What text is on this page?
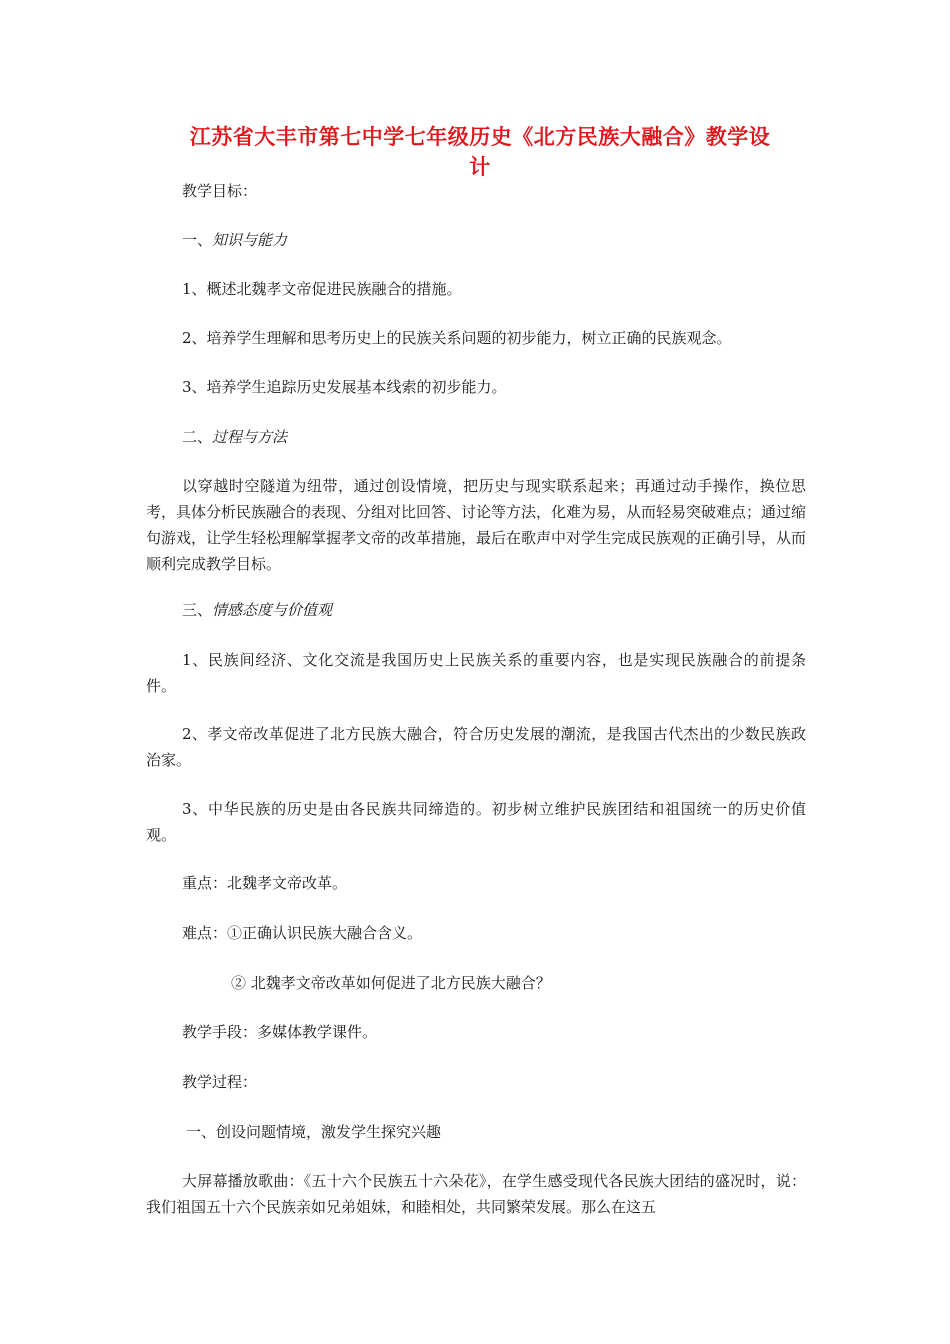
江苏省大丰市第七中学七年级历史《北方民族大融合》教学设计
教学目标：
一、知识与能力
1、概述北魏孝文帝促进民族融合的措施。
2、培养学生理解和思考历史上的民族关系问题的初步能力，树立正确的民族观念。
3、培养学生追踪历史发展基本线索的初步能力。
二、过程与方法
以穿越时空隧道为纽带，通过创设情境，把历史与现实联系起来；再通过动手操作，换位思考，具体分析民族融合的表现、分组对比回答、讨论等方法，化难为易，从而轻易突破难点；通过缩句游戏，让学生轻松理解掌握孝文帝的改革措施，最后在歌声中对学生完成民族观的正确引导，从而顺利完成教学目标。
三、情感态度与价值观
1、民族间经济、文化交流是我国历史上民族关系的重要内容，也是实现民族融合的前提条件。
2、孝文帝改革促进了北方民族大融合，符合历史发展的潮流，是我国古代杰出的少数民族政治家。
3、中华民族的历史是由各民族共同缔造的。初步树立维护民族团结和祖国统一的历史价值观。
重点：北魏孝文帝改革。
难点：①正确认识民族大融合含义。
② 北魏孝文帝改革如何促进了北方民族大融合？
教学手段：多媒体教学课件。
教学过程：
一、创设问题情境，激发学生探究兴趣
大屏幕播放歌曲：《五十六个民族五十六朵花》，在学生感受现代各民族大团结的盛况时，说：我们祖国五十六个民族亲如兄弟姐妹，和睦相处，共同繁荣发展。那么在这五
